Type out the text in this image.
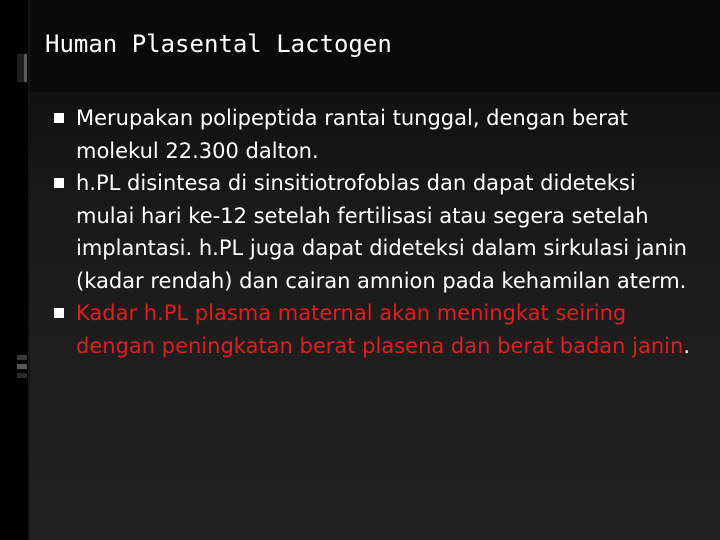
Human Plasental Lactogen
Merupakan polipeptida rantai tunggal, dengan berat molekul 22.300 dalton.
h.PL disintesa di sinsitiotrofoblas dan dapat dideteksi mulai hari ke-12 setelah fertilisasi atau segera setelah implantasi. h.PL juga dapat dideteksi dalam sirkulasi janin (kadar rendah) dan cairan amnion pada kehamilan aterm.
Kadar h.PL plasma maternal akan meningkat seiring dengan peningkatan berat plasena dan berat badan janin.
